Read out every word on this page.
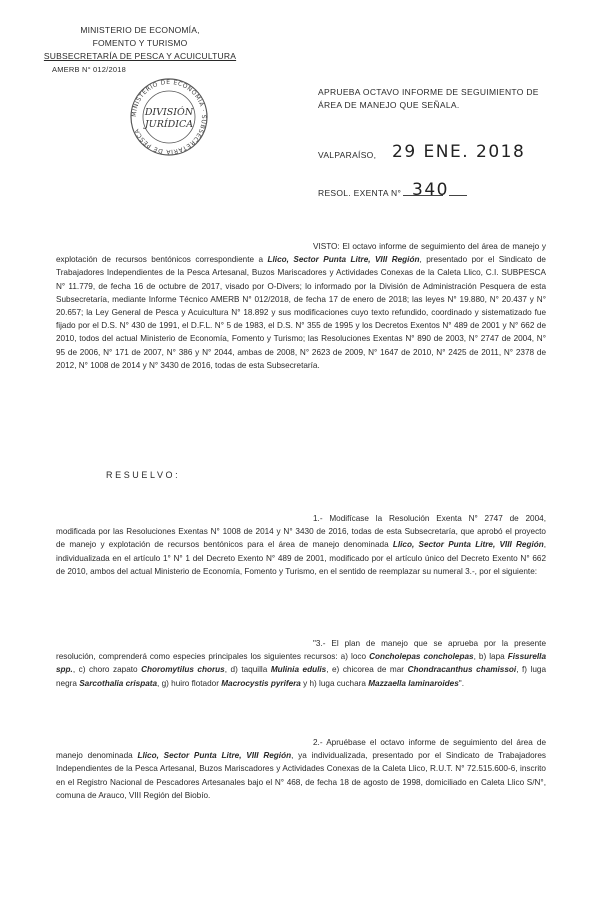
MINISTERIO DE ECONOMÍA,
FOMENTO Y TURISMO
SUBSECRETARÍA DE PESCA Y ACUICULTURA
AMERB N° 012/2018
MINISTERIO DE ECONOMÍA · SUBSECRETARÍA DE PESCA
DIVISIÓN
JURÍDICA
APRUEBA OCTAVO INFORME DE SEGUIMIENTO DE ÁREA DE MANEJO QUE SEÑALA.
VALPARAÍSO, 29 ENE. 2018
RESOL. EXENTA N° 340
VISTO: El octavo informe de seguimiento del área de manejo y explotación de recursos bentónicos correspondiente a Llico, Sector Punta Litre, VIII Región, presentado por el Sindicato de Trabajadores Independientes de la Pesca Artesanal, Buzos Mariscadores y Actividades Conexas de la Caleta Llico, C.I. SUBPESCA N° 11.779, de fecha 16 de octubre de 2017, visado por O-Divers; lo informado por la División de Administración Pesquera de esta Subsecretaría, mediante Informe Técnico AMERB N° 012/2018, de fecha 17 de enero de 2018; las leyes N° 19.880, N° 20.437 y N° 20.657; la Ley General de Pesca y Acuicultura N° 18.892 y sus modificaciones cuyo texto refundido, coordinado y sistematizado fue fijado por el D.S. N° 430 de 1991, el D.F.L. N° 5 de 1983, el D.S. N° 355 de 1995 y los Decretos Exentos N° 489 de 2001 y N° 662 de 2010, todos del actual Ministerio de Economía, Fomento y Turismo; las Resoluciones Exentas N° 890 de 2003, N° 2747 de 2004, N° 95 de 2006, N° 171 de 2007, N° 386 y N° 2044, ambas de 2008, N° 2623 de 2009, N° 1647 de 2010, N° 2425 de 2011, N° 2378 de 2012, N° 1008 de 2014 y N° 3430 de 2016, todas de esta Subsecretaría.
RESUELVO:
1.- Modifícase la Resolución Exenta N° 2747 de 2004, modificada por las Resoluciones Exentas N° 1008 de 2014 y N° 3430 de 2016, todas de esta Subsecretaría, que aprobó el proyecto de manejo y explotación de recursos bentónicos para el área de manejo denominada Llico, Sector Punta Litre, VIII Región, individualizada en el artículo 1° N° 1 del Decreto Exento N° 489 de 2001, modificado por el artículo único del Decreto Exento N° 662 de 2010, ambos del actual Ministerio de Economía, Fomento y Turismo, en el sentido de reemplazar su numeral 3.-, por el siguiente:
"3.- El plan de manejo que se aprueba por la presente resolución, comprenderá como especies principales los siguientes recursos: a) loco Concholepas concholepas, b) lapa Fissurella spp., c) choro zapato Choromytilus chorus, d) taquilla Mulinia edulis, e) chicorea de mar Chondracanthus chamissoi, f) luga negra Sarcothalia crispata, g) huiro flotador Macrocystis pyrifera y h) luga cuchara Mazzaella laminaroides".
2.- Apruébase el octavo informe de seguimiento del área de manejo denominada Llico, Sector Punta Litre, VIII Región, ya individualizada, presentado por el Sindicato de Trabajadores Independientes de la Pesca Artesanal, Buzos Mariscadores y Actividades Conexas de la Caleta Llico, R.U.T. N° 72.515.600-6, inscrito en el Registro Nacional de Pescadores Artesanales bajo el N° 468, de fecha 18 de agosto de 1998, domiciliado en Caleta Llico S/N°, comuna de Arauco, VIII Región del Biobío.
